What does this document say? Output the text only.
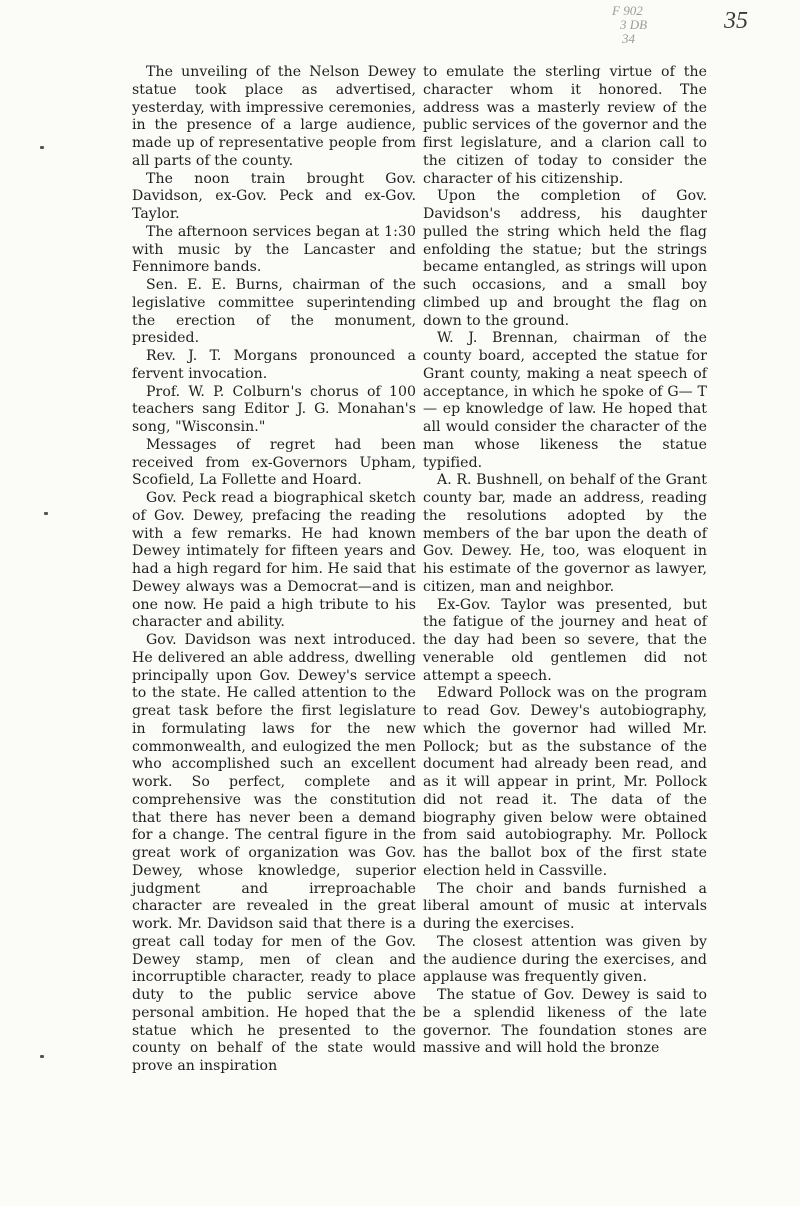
F 902
3 DB
34
35

The unveiling of the Nelson Dewey statue took place as advertised, yesterday, with impressive ceremonies, in the presence of a large audience, made up of representative people from all parts of the county.

The noon train brought Gov. Davidson, ex-Gov. Peck and ex-Gov. Taylor.

The afternoon services began at 1:30 with music by the Lancaster and Fennimore bands.

Sen. E. E. Burns, chairman of the legislative committee superintending the erection of the monument, presided.

Rev. J. T. Morgans pronounced a fervent invocation.

Prof. W. P. Colburn's chorus of 100 teachers sang Editor J. G. Monahan's song, "Wisconsin."

Messages of regret had been received from ex-Governors Upham, Scofield, La Follette and Hoard.

Gov. Peck read a biographical sketch of Gov. Dewey, prefacing the reading with a few remarks. He had known Dewey intimately for fifteen years and had a high regard for him. He said that Dewey always was a Democrat—and is one now. He paid a high tribute to his character and ability.

Gov. Davidson was next introduced. He delivered an able address, dwelling principally upon Gov. Dewey's service to the state. He called attention to the great task before the first legislature in formulating laws for the new commonwealth, and eulogized the men who accomplished such an excellent work. So perfect, complete and comprehensive was the constitution that there has never been a demand for a change. The central figure in the great work of organization was Gov. Dewey, whose knowledge, superior judgment and irreproachable character are revealed in the great work. Mr. Davidson said that there is a great call today for men of the Gov. Dewey stamp, men of clean and incorruptible character, ready to place duty to the public service above personal ambition. He hoped that the statue which he presented to the county on behalf of the state would prove an inspiration

to emulate the sterling virtue of the character whom it honored. The address was a masterly review of the public services of the governor and the first legislature, and a clarion call to the citizen of today to consider the character of his citizenship.

Upon the completion of Gov. Davidson's address, his daughter pulled the string which held the flag enfolding the statue; but the strings became entangled, as strings will upon such occasions, and a small boy climbed up and brought the flag on down to the ground.

W. J. Brennan, chairman of the county board, accepted the statue for Grant county, making a neat speech of acceptance, in which he spoke of G— T— ep knowledge of law. He hoped that all would consider the character of the man whose likeness the statue typified.

A. R. Bushnell, on behalf of the Grant county bar, made an address, reading the resolutions adopted by the members of the bar upon the death of Gov. Dewey. He, too, was eloquent in his estimate of the governor as lawyer, citizen, man and neighbor.

Ex-Gov. Taylor was presented, but the fatigue of the journey and heat of the day had been so severe, that the venerable old gentlemen did not attempt a speech.

Edward Pollock was on the program to read Gov. Dewey's autobiography, which the governor had willed Mr. Pollock; but as the substance of the document had already been read, and as it will appear in print, Mr. Pollock did not read it. The data of the biography given below were obtained from said autobiography. Mr. Pollock has the ballot box of the first state election held in Cassville.

The choir and bands furnished a liberal amount of music at intervals during the exercises.

The closest attention was given by the audience during the exercises, and applause was frequently given.

The statue of Gov. Dewey is said to be a splendid likeness of the late governor. The foundation stones are massive and will hold the bronze
